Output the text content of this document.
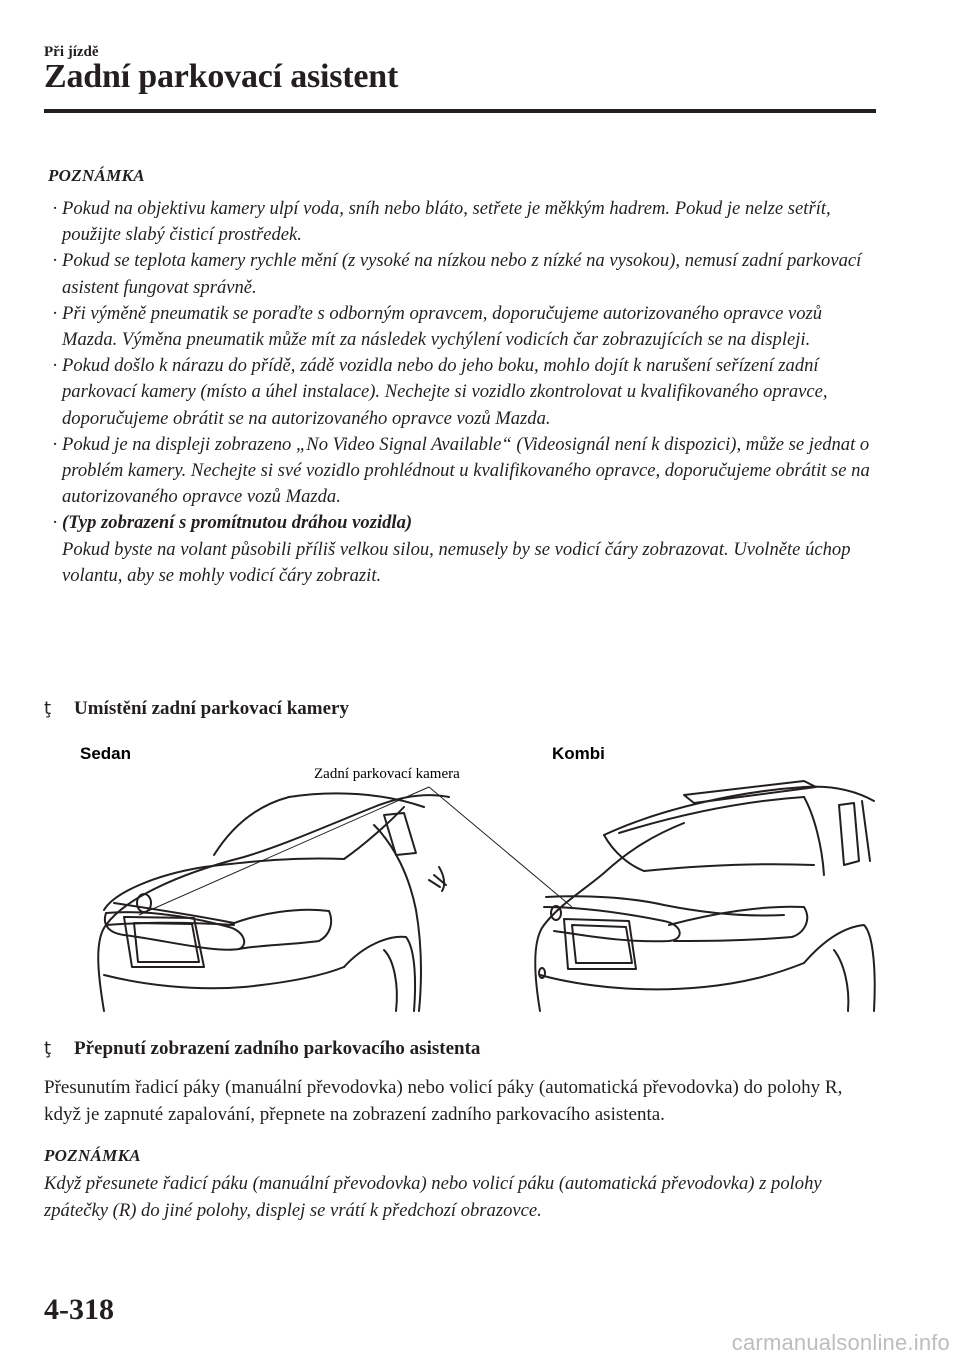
Při jízdě
Zadní parkovací asistent
POZNÁMKA
· Pokud na objektivu kamery ulpí voda, sníh nebo bláto, setřete je měkkým hadrem. Pokud je nelze setřít, použijte slabý čisticí prostředek.
· Pokud se teplota kamery rychle mění (z vysoké na nízkou nebo z nízké na vysokou), nemusí zadní parkovací asistent fungovat správně.
· Při výměně pneumatik se poraďte s odborným opravcem, doporučujeme autorizovaného opravce vozů Mazda. Výměna pneumatik může mít za následek vychýlení vodicích čar zobrazujících se na displeji.
· Pokud došlo k nárazu do přídě, zádě vozidla nebo do jeho boku, mohlo dojít k narušení seřízení zadní parkovací kamery (místo a úhel instalace). Nechejte si vozidlo zkontrolovat u kvalifikovaného opravce, doporučujeme obrátit se na autorizovaného opravce vozů Mazda.
· Pokud je na displeji zobrazeno „No Video Signal Available“ (Videosignál není k dispozici), může se jednat o problém kamery. Nechejte si své vozidlo prohlédnout u kvalifikovaného opravce, doporučujeme obrátit se na autorizovaného opravce vozů Mazda.
· (Typ zobrazení s promítnutou dráhou vozidla)
Pokud byste na volant působili příliš velkou silou, nemusely by se vodicí čáry zobrazovat. Uvolněte úchop volantu, aby se mohly vodicí čáry zobrazit.
ţ Umístění zadní parkovací kamery
Sedan	Kombi
Zadní parkovací kamera
ţ Přepnutí zobrazení zadního parkovacího asistenta
Přesunutím řadicí páky (manuální převodovka) nebo volicí páky (automatická převodovka) do polohy R, když je zapnuté zapalování, přepnete na zobrazení zadního parkovacího asistenta.
POZNÁMKA
Když přesunete řadicí páku (manuální převodovka) nebo volicí páku (automatická převodovka) z polohy zpátečky (R) do jiné polohy, displej se vrátí k předchozí obrazovce.
4-318
carmanualsonline.info
